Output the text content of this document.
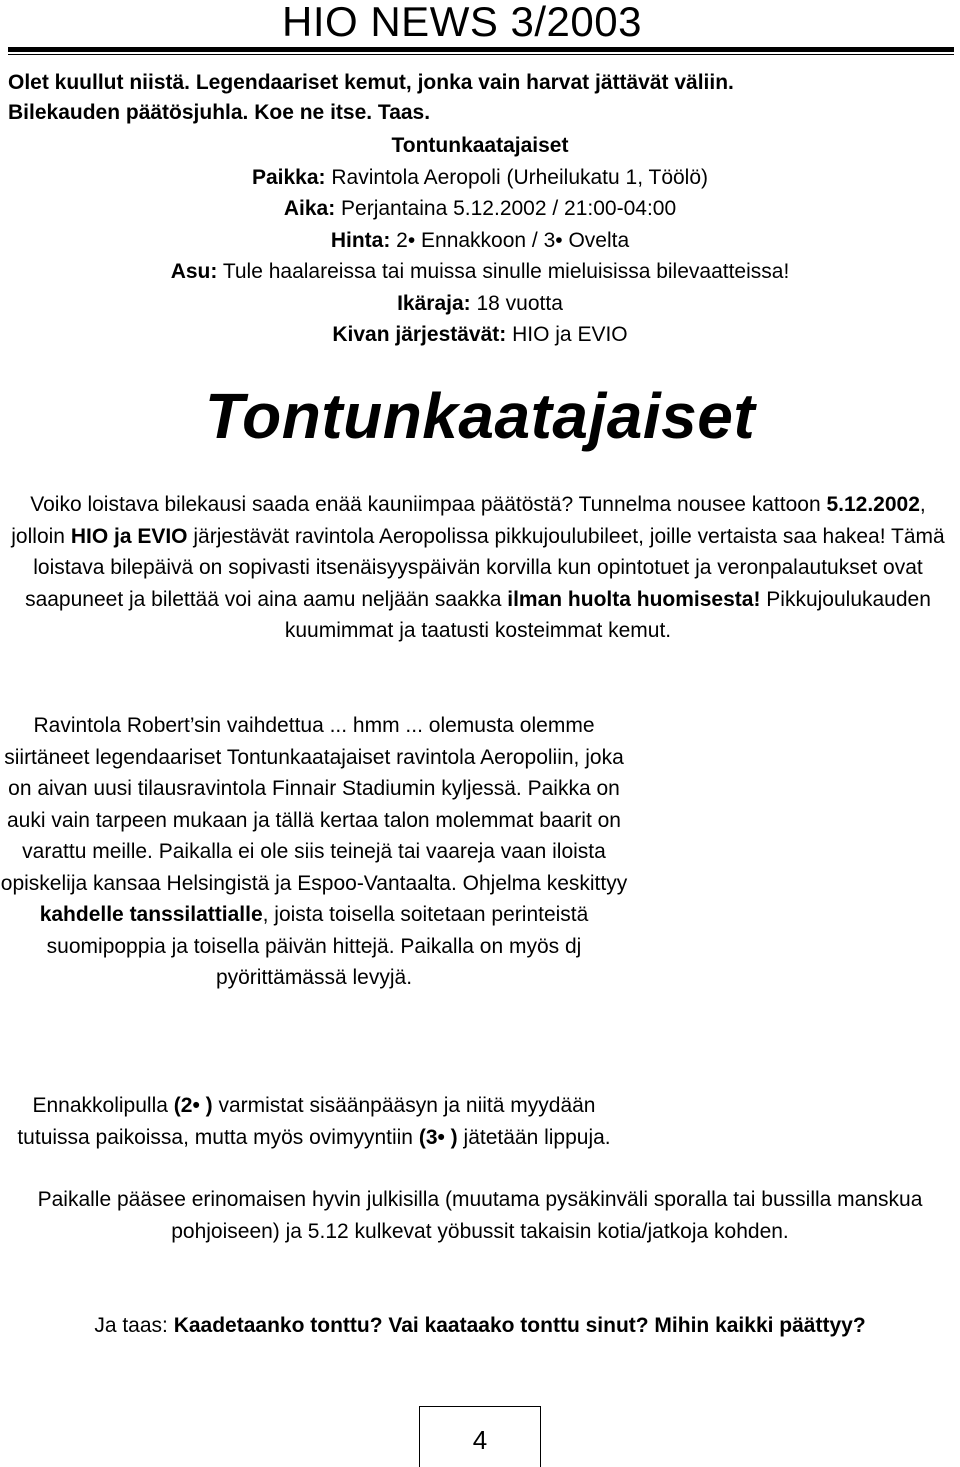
HIO NEWS 3/2003

Olet kuullut niistä. Legendaariset kemut, jonka vain harvat jättävät väliin.

Bilekauden päätösjuhla. Koe ne itse. Taas.

Tontunkaatajaiset
Paikka: Ravintola Aeropoli (Urheilukatu 1, Töölö)
Aika: Perjantaina 5.12.2002 / 21:00-04:00
Hinta: 2• Ennakkoon / 3• Ovelta
Asu: Tule haalareissa tai muissa sinulle mieluisissa bilevaatteissa!
Ikäraja: 18 vuotta
Kivan järjestävät: HIO ja EVIO
Tontunkaatajaiset

Voiko loistava bilekausi saada enää kauniimpaa päätöstä? Tunnelma nousee kattoon 5.12.2002, jolloin HIO ja EVIO järjestävät ravintola Aeropolissa pikkujoulubileet, joille vertaista saa hakea! Tämä loistava bilepäivä on sopivasti itsenäisyyspäivän korvilla kun opintotuet ja veronpalautukset ovat saapuneet ja bilettää voi aina aamu neljään saakka ilman huolta huomisesta! Pikkujoulukauden kuumimmat ja taatusti kosteimmat kemut.

Ravintola Robert’sin vaihdettua ... hmm ... olemusta olemme siirtäneet legendaariset Tontunkaatajaiset ravintola Aeropoliin, joka on aivan uusi tilausravintola Finnair Stadiumin kyljessä. Paikka on auki vain tarpeen mukaan ja tällä kertaa talon molemmat baarit on varattu meille. Paikalla ei ole siis teinejä tai vaareja vaan iloista opiskelija kansaa Helsingistä ja Espoo-Vantaalta. Ohjelma keskittyy kahdelle tanssilattialle, joista toisella soitetaan perinteistä suomipoppia ja toisella päivän hittejä. Paikalla on myös dj pyörittämässä levyjä.

Ennakkolipulla (2• ) varmistat sisäänpääsyn ja niitä myydään tutuissa paikoissa, mutta myös ovimyyntiin (3• ) jätetään lippuja.

Paikalle pääsee erinomaisen hyvin julkisilla (muutama pysäkinväli sporalla tai bussilla manskua pohjoiseen) ja 5.12 kulkevat yöbussit takaisin kotia/jatkoja kohden.

Ja taas: Kaadetaanko tonttu? Vai kaataako tonttu sinut? Mihin kaikki päättyy?

4
